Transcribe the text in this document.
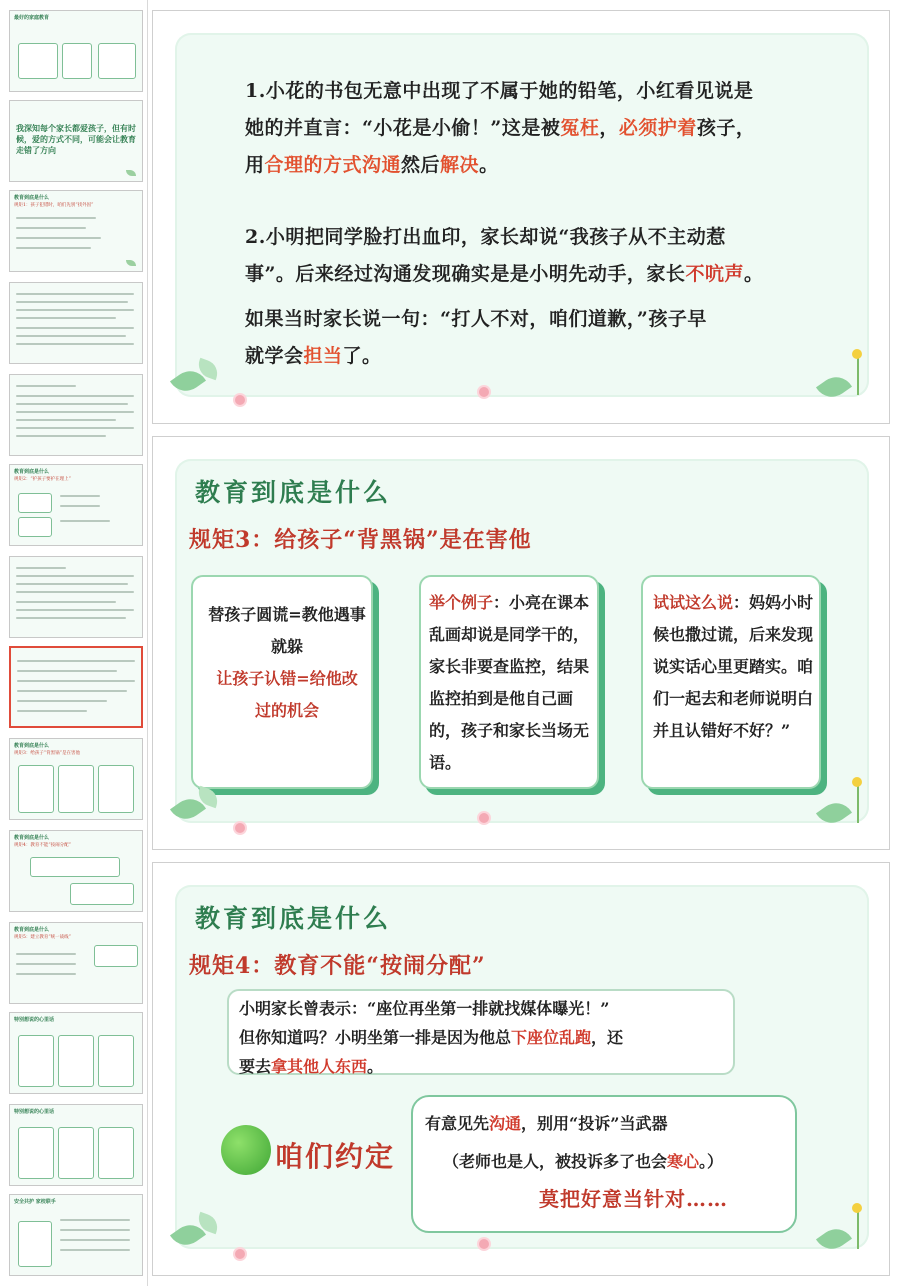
最好的家庭教育
我深知每个家长都爱孩子，但有时候，爱的方式不同，可能会让教育走错了方向
教育到底是什么
规矩1：孩子犯错时，咱们先别“找外因”
教育到底是什么
规矩2：“护孩子要护在理上”
教育到底是什么
规矩3：给孩子“背黑锅”是在害他
教育到底是什么
规矩4：教育不能“按闹分配”
教育到底是什么
规矩5：建立教育“统一战线”
特别想说的心里话
特别想说的心里话
安全共护 家校联手
1.小花的书包无意中出现了不属于她的铅笔，小红看见说是
她的并直言：“小花是小偷！”这是被冤枉，必须护着孩子，
用合理的方式沟通然后解决。
2.小明把同学脸打出血印，家长却说“我孩子从不主动惹
事”。后来经过沟通发现确实是是小明先动手，家长不吭声。
如果当时家长说一句：“打人不对，咱们道歉，”孩子早
就学会担当了。
教育到底是什么
规矩3：给孩子“背黑锅”是在害他
替孩子圆谎=教他遇事
就躲
让孩子认错=给他改
过的机会
举个例子：小亮在课本乱画却说是同学干的，家长非要查监控，结果监控拍到是他自己画的，孩子和家长当场无语。
试试这么说：妈妈小时候也撒过谎，后来发现说实话心里更踏实。咱们一起去和老师说明白并且认错好不好？”
教育到底是什么
规矩4：教育不能“按闹分配”
小明家长曾表示：“座位再坐第一排就找媒体曝光！”
但你知道吗？小明坐第一排是因为他总下座位乱跑，还
要去拿其他人东西。
咱们约定
有意见先沟通，别用“投诉”当武器
（老师也是人，被投诉多了也会寒心。）
莫把好意当针对……
